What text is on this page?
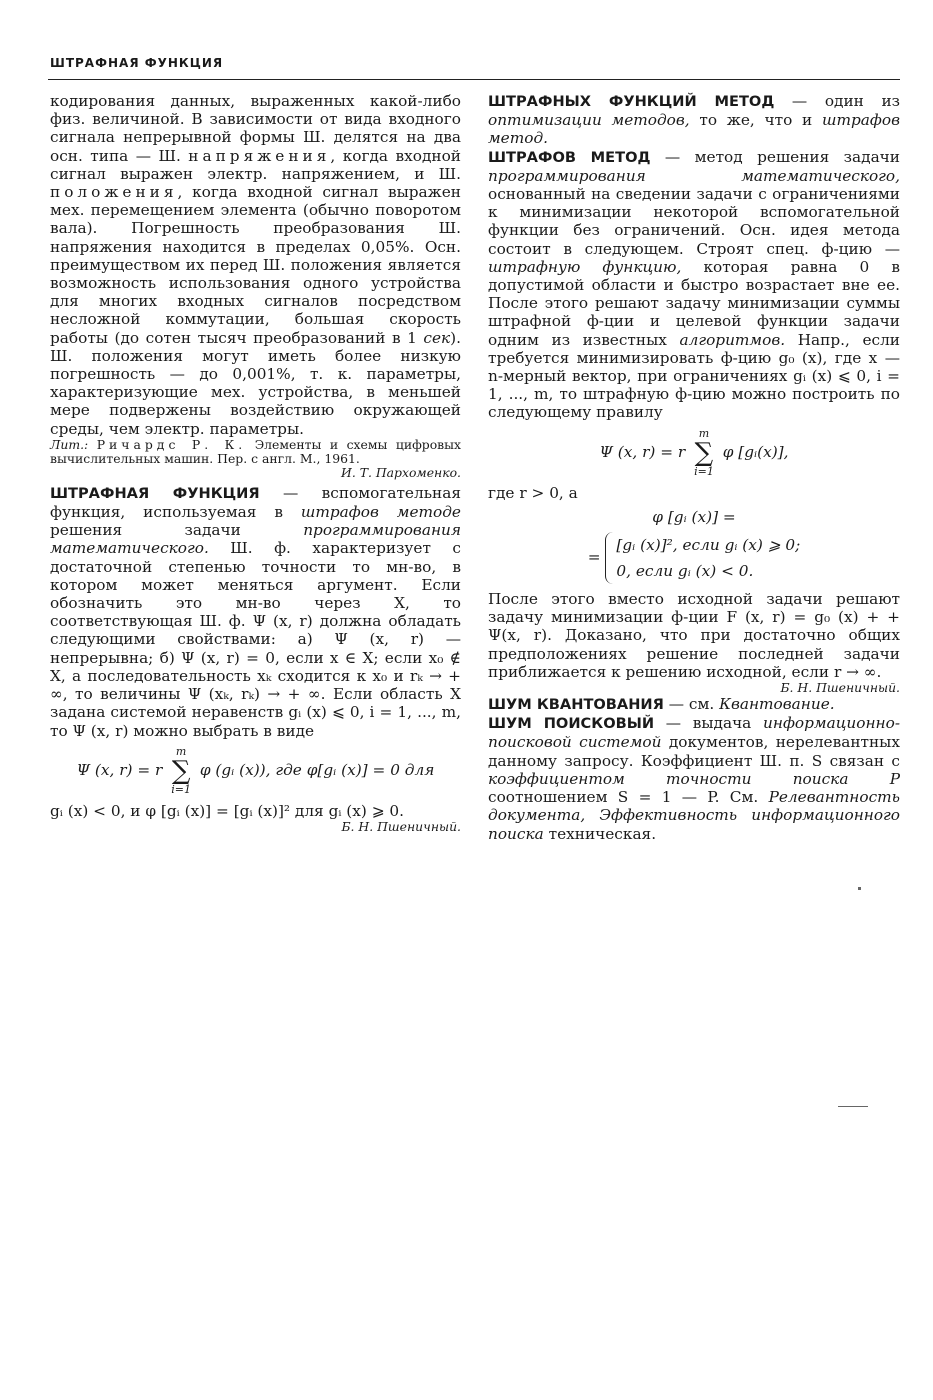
ШТРАФНАЯ ФУНКЦИЯ

кодирования данных, выраженных какой-либо физ. величиной. В зависимости от вида входного сигнала непрерывной формы Ш. делятся на два осн. типа — Ш. напряжения, когда входной сигнал выражен электр. напряжением, и Ш. положения, когда входной сигнал выражен мех. перемещением элемента (обычно поворотом вала). Погрешность преобразования Ш. напряжения находится в пределах 0,05%. Осн. преимуществом их перед Ш. положения является возможность использования одного устройства для многих входных сигналов посредством несложной коммутации, большая скорость работы (до сотен тысяч преобразований в 1 сек). Ш. положения могут иметь более низкую погрешность — до 0,001%, т. к. параметры, характеризующие мех. устройства, в меньшей мере подвержены воздействию окружающей среды, чем электр. параметры.

Лит.: Ричардс Р. К. Элементы и схемы цифровых вычислительных машин. Пер. с англ. М., 1961.

И. Т. Пархоменко.

ШТРАФНАЯ ФУНКЦИЯ — вспомогательная функция, используемая в штрафов методе решения задачи программирования математического. Ш. ф. характеризует с достаточной степенью точности то мн-во, в котором может меняться аргумент. Если обозначить это мн-во через X, то соответствующая Ш. ф. Ψ (x, r) должна обладать следующими свойствами: а) Ψ (x, r) — непрерывна; б) Ψ (x, r) = 0, если x ∈ X; если x₀ ∉ X, а последовательность xₖ сходится к x₀ и rₖ → + ∞, то величины Ψ (xₖ, rₖ) → + ∞. Если область X задана системой неравенств gᵢ (x) ⩽ 0, i = 1, ..., m, то Ψ (x, r) можно выбрать в виде

Ψ (x, r) = r
m
∑
i=1
φ (gᵢ (x)), где φ[gᵢ (x)] = 0 для

gᵢ (x) < 0, и φ [gᵢ (x)] = [gᵢ (x)]² для gᵢ (x) ⩾ 0.

Б. Н. Пшеничный.

ШТРАФНЫХ ФУНКЦИЙ МЕТОД — один из оптимизации методов, то же, что и штрафов метод.

ШТРАФОВ МЕТОД — метод решения задачи программирования математического, основанный на сведении задачи с ограничениями к минимизации некоторой вспомогательной функции без ограничений. Осн. идея метода состоит в следующем. Строят спец. ф-цию — штрафную функцию, которая равна 0 в допустимой области и быстро возрастает вне ее. После этого решают задачу минимизации суммы штрафной ф-ции и целевой функции задачи одним из известных алгоритмов. Напр., если требуется минимизировать ф-цию g₀ (x), где x — n-мерный вектор, при ограничениях gᵢ (x) ⩽ 0, i = 1, ..., m, то штрафную ф-цию можно построить по следующему правилу

Ψ (x, r) = r
m
∑
i=1
φ [gᵢ(x)],

где r > 0, а

φ [gᵢ (x)] =
= [gᵢ (x)]², если gᵢ (x) ⩾ 0;
0, если gᵢ (x) < 0.

После этого вместо исходной задачи решают задачу минимизации ф-ции F (x, r) = g₀ (x) + + Ψ(x, r). Доказано, что при достаточно общих предположениях решение последней задачи приближается к решению исходной, если r → ∞.

Б. Н. Пшеничный.

ШУМ КВАНТОВАНИЯ — см. Квантование.

ШУМ ПОИСКОВЫЙ — выдача информационно-поисковой системой документов, нерелевантных данному запросу. Коэффициент Ш. п. S связан с коэффициентом точности поиска P соотношением S = 1 — P. См. Релевантность документа, Эффективность информационного поиска техническая.
